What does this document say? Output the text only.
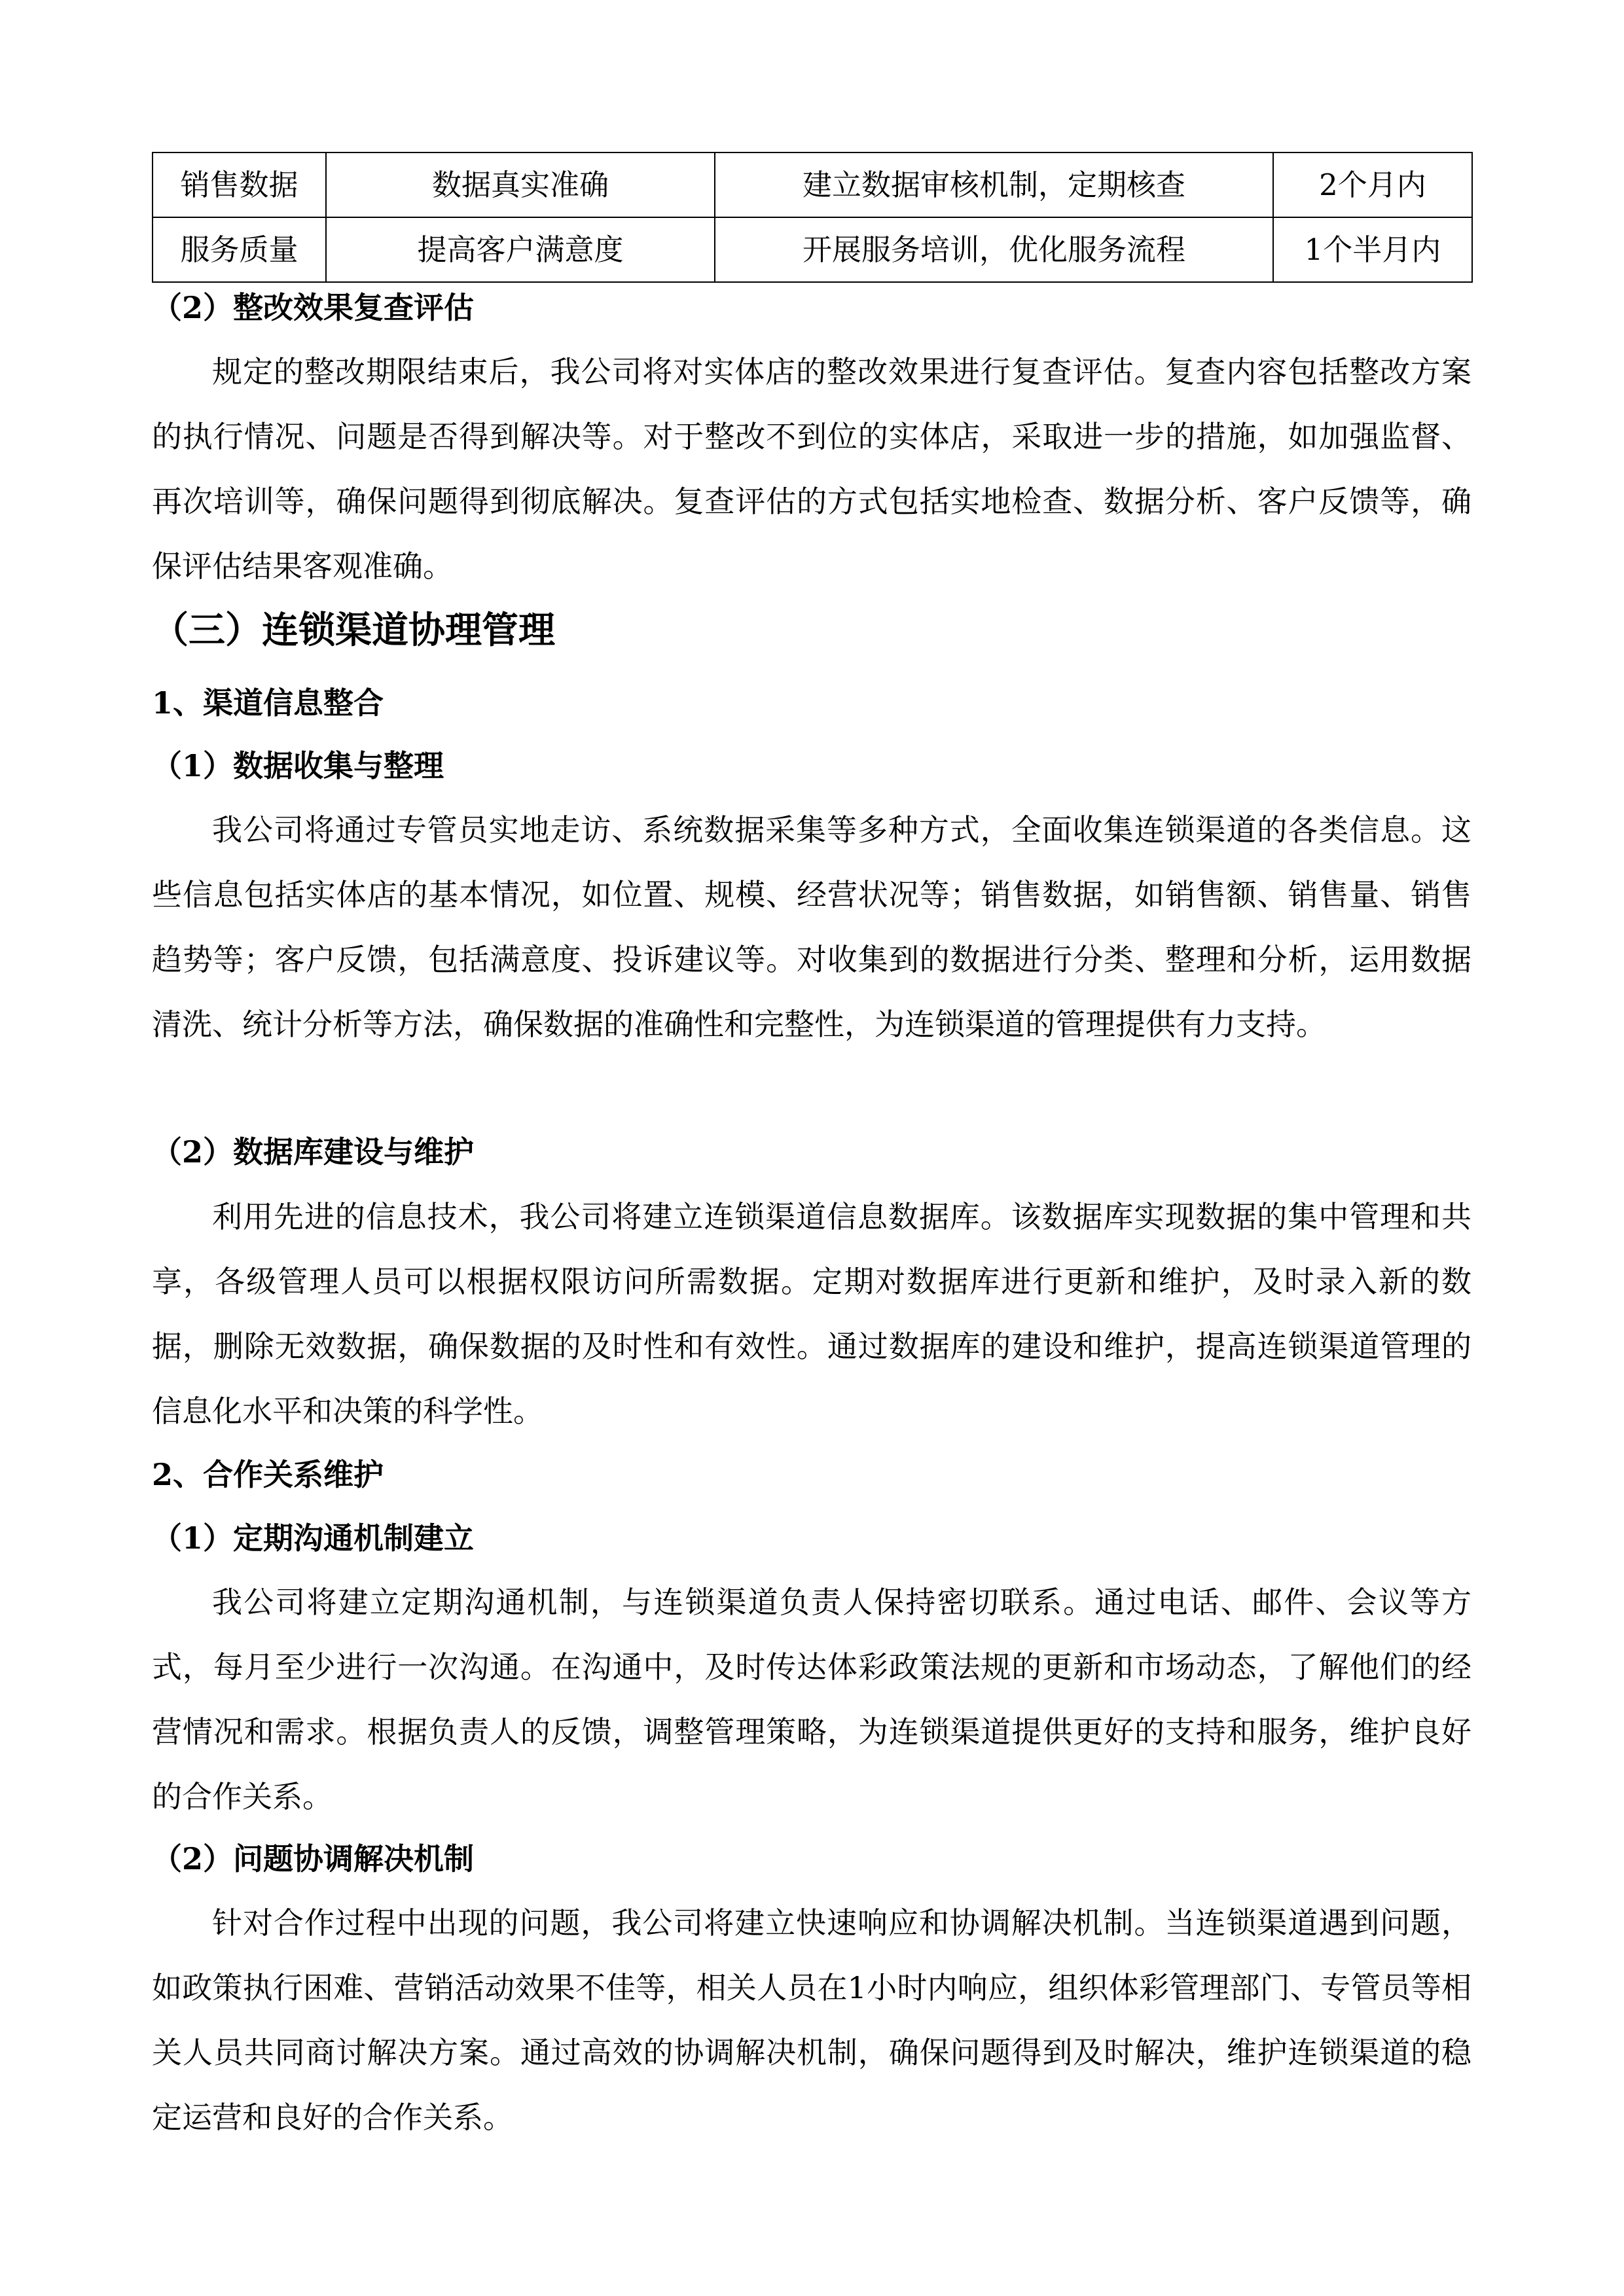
销售数据	数据真实准确	建立数据审核机制，定期核查	2个月内
服务质量	提高客户满意度	开展服务培训，优化服务流程	1个半月内
（2）整改效果复查评估

规定的整改期限结束后，我公司将对实体店的整改效果进行复查评估。复查内容包括整改方案的执行情况、问题是否得到解决等。对于整改不到位的实体店，采取进一步的措施，如加强监督、再次培训等，确保问题得到彻底解决。复查评估的方式包括实地检查、数据分析、客户反馈等，确保评估结果客观准确。

（三）连锁渠道协理管理
1、渠道信息整合
（1）数据收集与整理

我公司将通过专管员实地走访、系统数据采集等多种方式，全面收集连锁渠道的各类信息。这些信息包括实体店的基本情况，如位置、规模、经营状况等；销售数据，如销售额、销售量、销售趋势等；客户反馈，包括满意度、投诉建议等。对收集到的数据进行分类、整理和分析，运用数据清洗、统计分析等方法，确保数据的准确性和完整性，为连锁渠道的管理提供有力支持。

（2）数据库建设与维护

利用先进的信息技术，我公司将建立连锁渠道信息数据库。该数据库实现数据的集中管理和共享，各级管理人员可以根据权限访问所需数据。定期对数据库进行更新和维护，及时录入新的数据，删除无效数据，确保数据的及时性和有效性。通过数据库的建设和维护，提高连锁渠道管理的信息化水平和决策的科学性。

2、合作关系维护
（1）定期沟通机制建立

我公司将建立定期沟通机制，与连锁渠道负责人保持密切联系。通过电话、邮件、会议等方式，每月至少进行一次沟通。在沟通中，及时传达体彩政策法规的更新和市场动态，了解他们的经营情况和需求。根据负责人的反馈，调整管理策略，为连锁渠道提供更好的支持和服务，维护良好的合作关系。

（2）问题协调解决机制

针对合作过程中出现的问题，我公司将建立快速响应和协调解决机制。当连锁渠道遇到问题，如政策执行困难、营销活动效果不佳等，相关人员在1小时内响应，组织体彩管理部门、专管员等相关人员共同商讨解决方案。通过高效的协调解决机制，确保问题得到及时解决，维护连锁渠道的稳定运营和良好的合作关系。
